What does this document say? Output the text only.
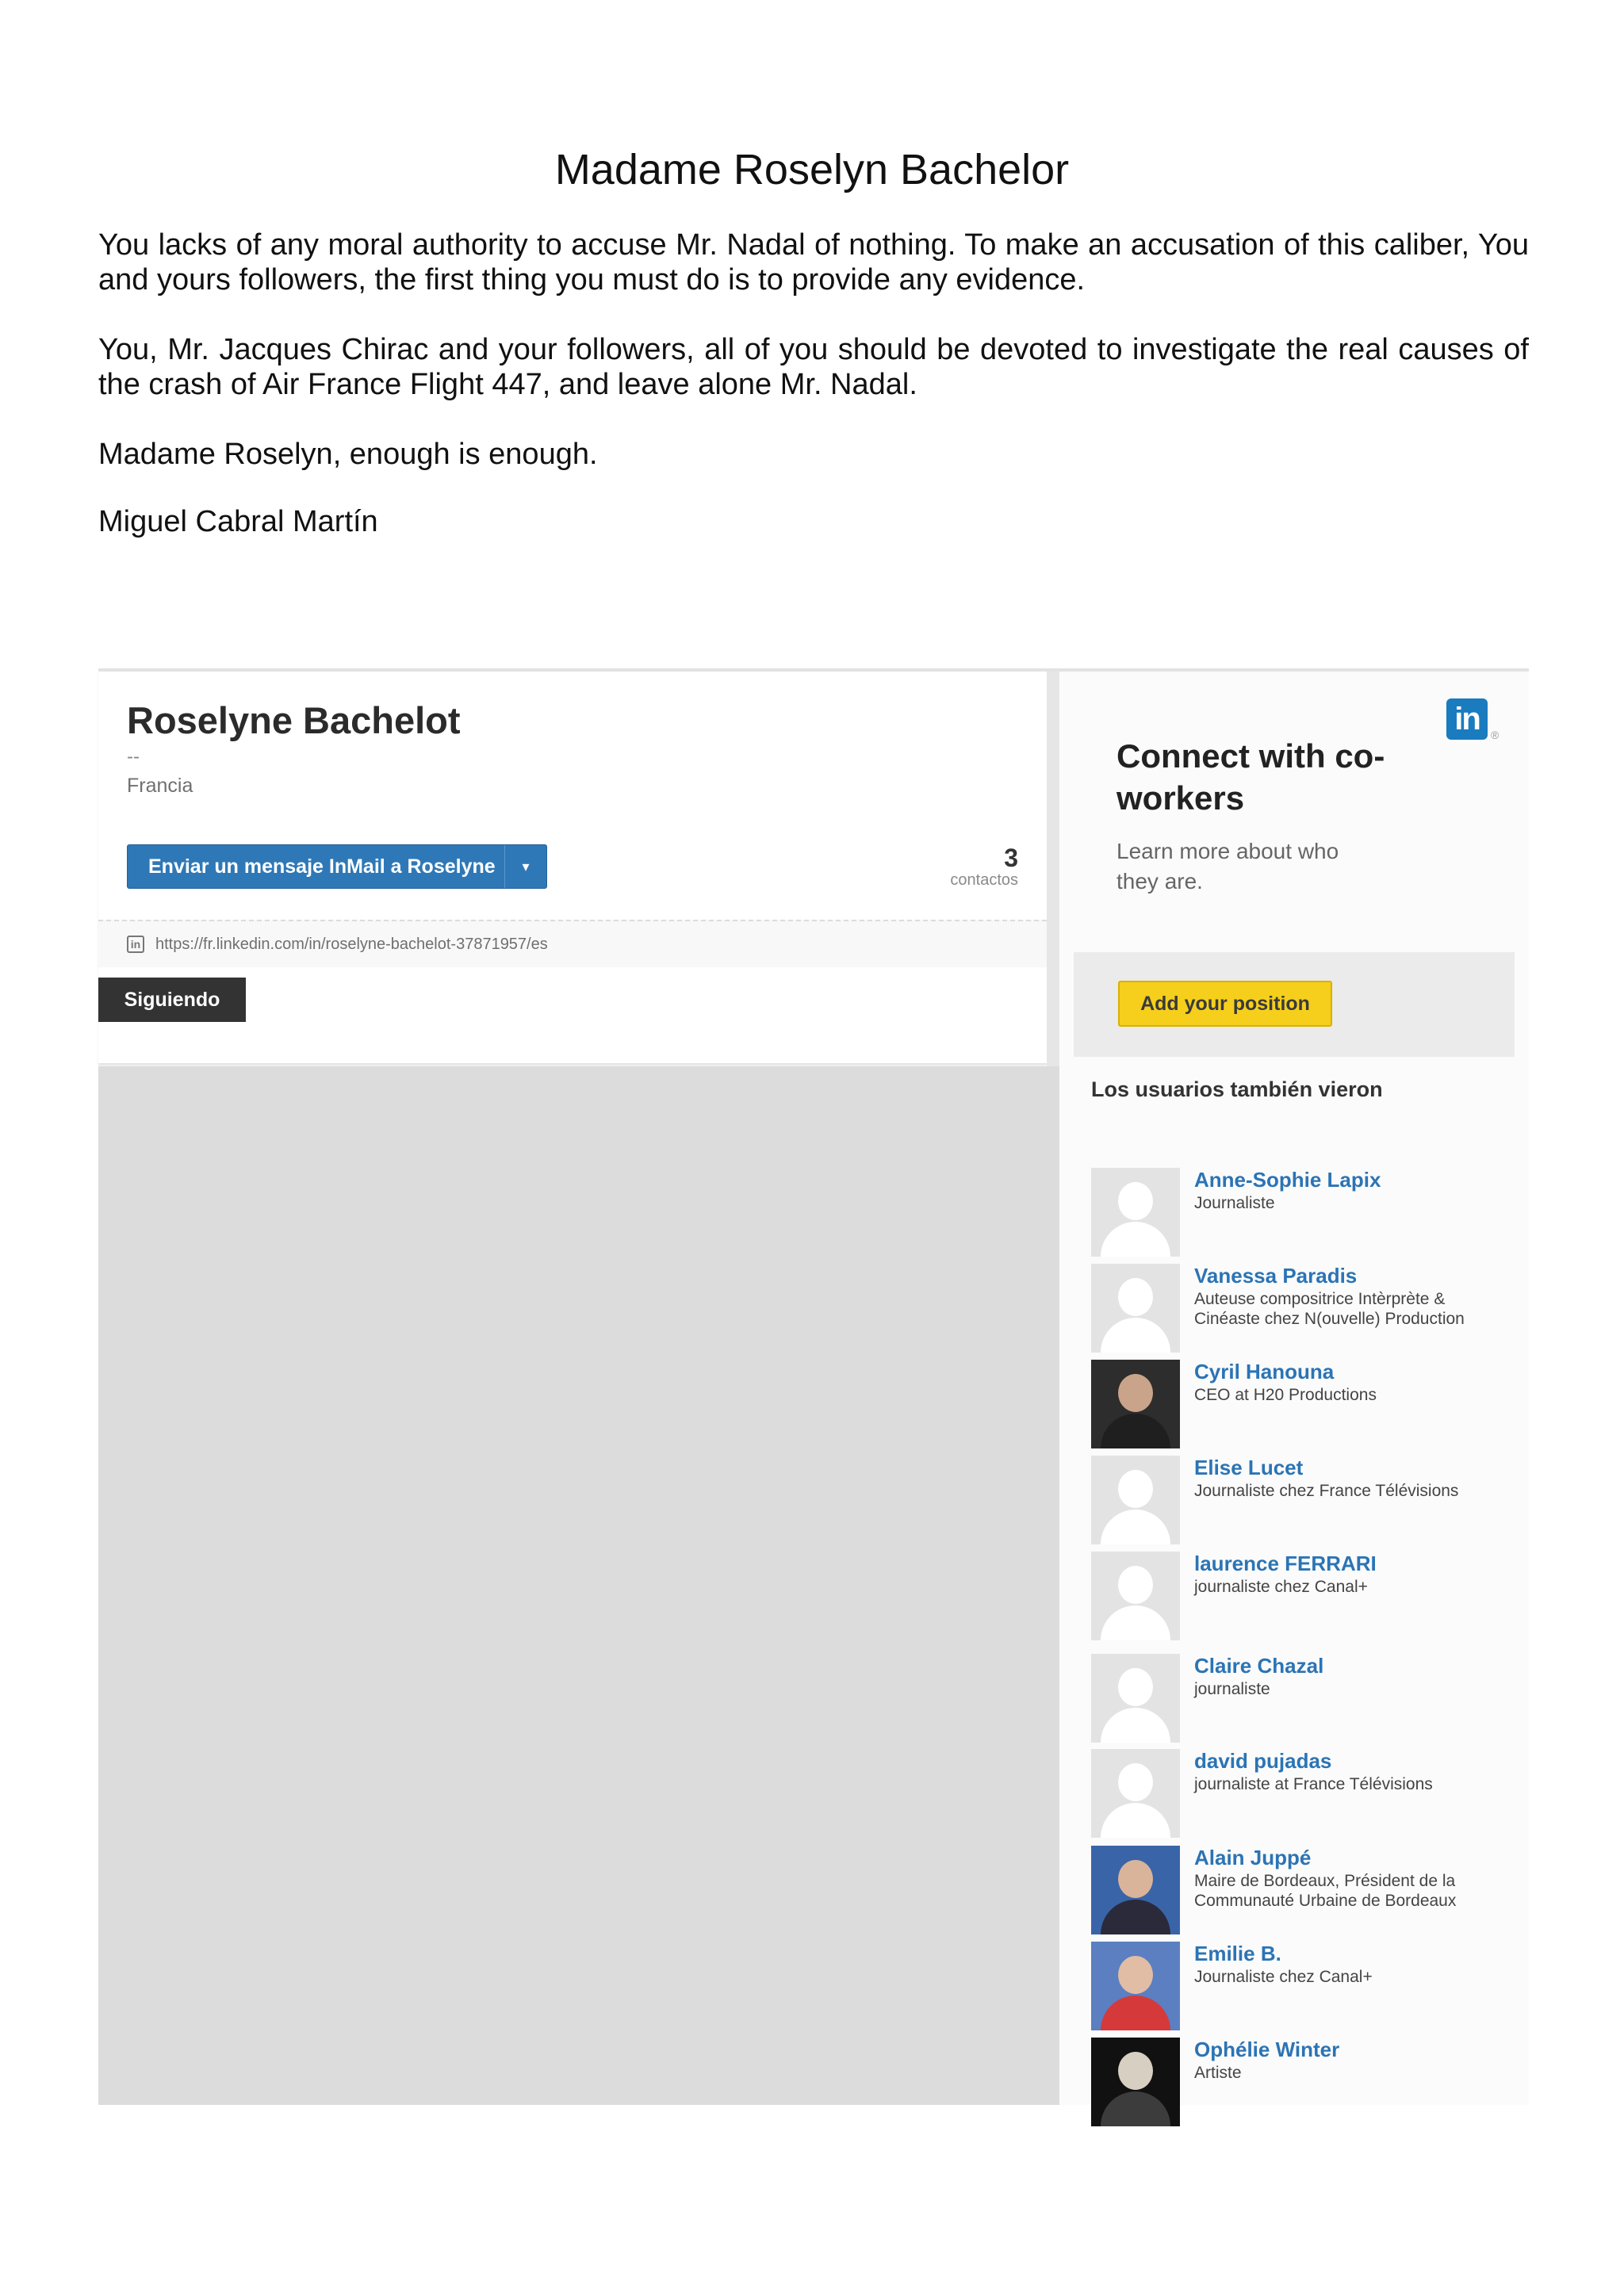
Madame Roselyn Bachelor

You lacks of any moral authority to accuse Mr. Nadal of nothing. To make an accusation of this caliber, You and yours followers, the first thing you must do is to provide any evidence.

You, Mr. Jacques Chirac and your followers, all of you should be devoted to investigate the real causes of the crash of Air France Flight 447, and leave alone Mr. Nadal.

Madame Roselyn, enough is enough.

Miguel Cabral Martín

Roselyne Bachelot
--
Francia
Enviar un mensaje InMail a Roselyne	▾	3
contactos
in https://fr.linkedin.com/in/roselyne-bachelot-37871957/es
Siguiendo
in	®
Connect with co-workers

Learn more about who they are.

Add your position
Los usuarios también vieron
Anne-Sophie Lapix
Journaliste
Vanessa Paradis
Auteuse compositrice Intèrprète & Cinéaste chez N(ouvelle) Production
Cyril Hanouna
CEO at H20 Productions
Elise Lucet
Journaliste chez France Télévisions
laurence FERRARI
journaliste chez Canal+
Claire Chazal
journaliste
david pujadas
journaliste at France Télévisions
Alain Juppé
Maire de Bordeaux, Président de la Communauté Urbaine de Bordeaux
Emilie B.
Journaliste chez Canal+
Ophélie Winter
Artiste
